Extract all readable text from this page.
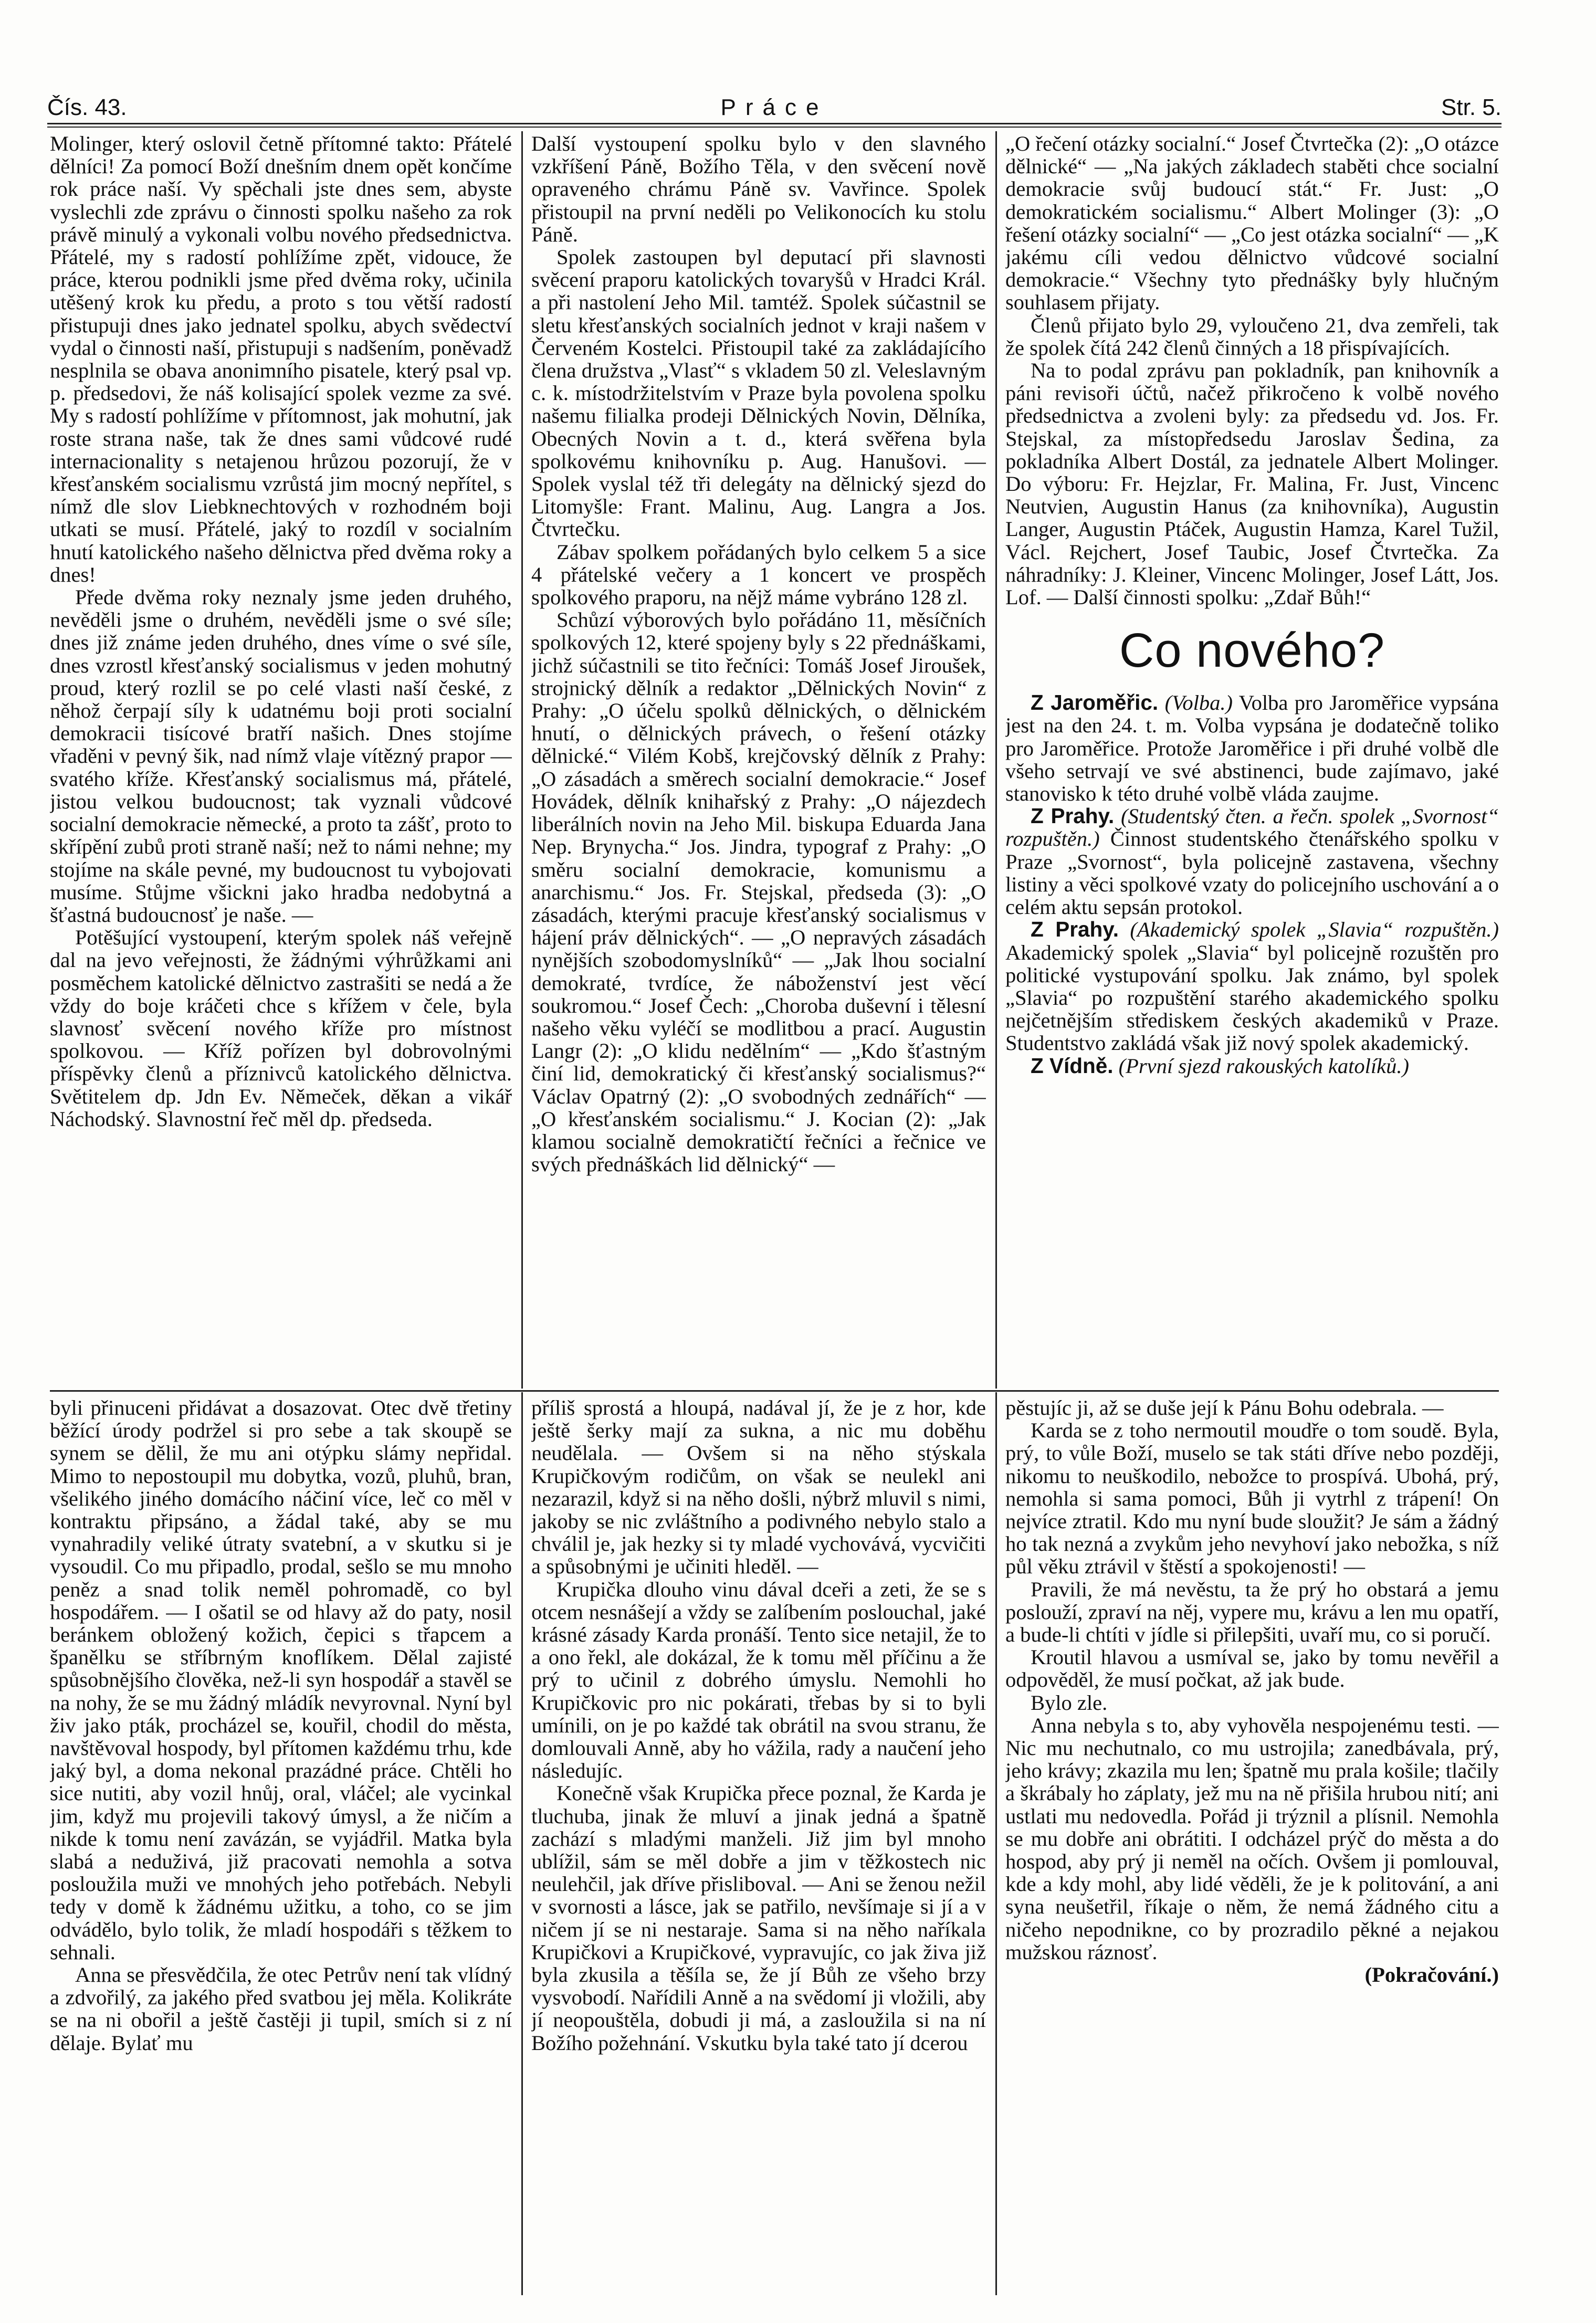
Čís. 43.	Práce	Str. 5.

Molinger, který oslovil četně přítomné takto: Přátelé dělníci! Za pomocí Boží dnešním dnem opět končíme rok práce naší. Vy spěchali jste dnes sem, abyste vyslechli zde zprávu o činnosti spolku našeho za rok právě minulý a vykonali volbu nového předsednictva. Přátelé, my s radostí pohlížíme zpět, vidouce, že práce, kterou podnikli jsme před dvěma roky, učinila utěšený krok ku předu, a proto s tou větší radostí přistupuji dnes jako jednatel spolku, abych svědectví vydal o činnosti naší, přistupuji s nadšením, poněvadž nesplnila se obava anonimního pisatele, který psal vp. p. předsedovi, že náš kolisající spolek vezme za své. My s radostí pohlížíme v přítomnost, jak mohutní, jak roste strana naše, tak že dnes sami vůdcové rudé internacionality s netajenou hrůzou pozorují, že v křesťanském socialismu vzrůstá jim mocný nepřítel, s nímž dle slov Liebknechtových v rozhodném boji utkati se musí. Přátelé, jaký to rozdíl v socialním hnutí katolického našeho dělnictva před dvěma roky a dnes!

Přede dvěma roky neznaly jsme jeden druhého, nevěděli jsme o druhém, nevěděli jsme o své síle; dnes již známe jeden druhého, dnes víme o své síle, dnes vzrostl křesťanský socialismus v jeden mohutný proud, který rozlil se po celé vlasti naší české, z něhož čerpají síly k udatnému boji proti socialní demokracii tisícové bratří našich. Dnes stojíme vřaděni v pevný šik, nad nímž vlaje vítězný prapor — svatého kříže. Křesťanský socialismus má, přátelé, jistou velkou budoucnost; tak vyznali vůdcové socialní demokracie německé, a proto ta zášť, proto to skřípění zubů proti straně naší; než to námi nehne; my stojíme na skále pevné, my budoucnost tu vybojovati musíme. Stůjme všickni jako hradba nedobytná a šťastná budoucnosť je naše. —

Potěšující vystoupení, kterým spolek náš veřejně dal na jevo veřejnosti, že žádnými výhrůžkami ani posměchem katolické dělnictvo zastrašiti se nedá a že vždy do boje kráčeti chce s křížem v čele, byla slavnosť svěcení nového kříže pro místnost spolkovou. — Kříž pořízen byl dobrovolnými příspěvky členů a příznivců katolického dělnictva. Světitelem dp. Jdn Ev. Němeček, děkan a vikář Náchodský. Slavnostní řeč měl dp. předseda.

Další vystoupení spolku bylo v den slavného vzkříšení Páně, Božího Těla, v den svěcení nově opraveného chrámu Páně sv. Vavřince. Spolek přistoupil na první neděli po Velikonocích ku stolu Páně.

Spolek zastoupen byl deputací při slavnosti svěcení praporu katolických tovaryšů v Hradci Král. a při nastolení Jeho Mil. tamtéž. Spolek súčastnil se sletu křesťanských socialních jednot v kraji našem v Červeném Kostelci. Přistoupil také za zakládajícího člena družstva „Vlasť“ s vkladem 50 zl. Veleslavným c. k. místodržitelstvím v Praze byla povolena spolku našemu filialka prodeji Dělnických Novin, Dělníka, Obecných Novin a t. d., která svěřena byla spolkovému knihovníku p. Aug. Hanušovi. — Spolek vyslal též tři delegáty na dělnický sjezd do Litomyšle: Frant. Malinu, Aug. Langra a Jos. Čtvrtečku.

Zábav spolkem pořádaných bylo celkem 5 a sice 4 přátelské večery a 1 koncert ve prospěch spolkového praporu, na nějž máme vybráno 128 zl.

Schůzí výborových bylo pořádáno 11, měsíčních spolkových 12, které spojeny byly s 22 přednáškami, jichž súčastnili se tito řečníci: Tomáš Josef Jiroušek, strojnický dělník a redaktor „Dělnických Novin“ z Prahy: „O účelu spolků dělnických, o dělnickém hnutí, o dělnických právech, o řešení otázky dělnické.“ Vilém Kobš, krejčovský dělník z Prahy: „O zásadách a směrech socialní demokracie.“ Josef Hovádek, dělník knihařský z Prahy: „O nájezdech liberálních novin na Jeho Mil. biskupa Eduarda Jana Nep. Brynycha.“ Jos. Jindra, typograf z Prahy: „O směru socialní demokracie, komunismu a anarchismu.“ Jos. Fr. Stejskal, předseda (3): „O zásadách, kterými pracuje křesťanský socialismus v hájení práv dělnických“. — „O nepravých zásadách nynějších szobodomyslníků“ — „Jak lhou socialní demokraté, tvrdíce, že náboženství jest věcí soukromou.“ Josef Čech: „Choroba duševní i tělesní našeho věku vyléčí se modlitbou a prací. Augustin Langr (2): „O klidu nedělním“ — „Kdo šťastným činí lid, demokratický či křesťanský socialismus?“ Václav Opatrný (2): „O svobodných zednářích“ — „O křesťanském socialismu.“ J. Kocian (2): „Jak klamou socialně demokratičtí řečníci a řečnice ve svých přednáškách lid dělnický“ —

„O řečení otázky socialní.“ Josef Čtvrtečka (2): „O otázce dělnické“ — „Na jakých základech staběti chce socialní demokracie svůj budoucí stát.“ Fr. Just: „O demokratickém socialismu.“ Albert Molinger (3): „O řešení otázky socialní“ — „Co jest otázka socialní“ — „K jakému cíli vedou dělnictvo vůdcové socialní demokracie.“ Všechny tyto přednášky byly hlučným souhlasem přijaty.

Členů přijato bylo 29, vyloučeno 21, dva zemřeli, tak že spolek čítá 242 členů činných a 18 přispívajících.

Na to podal zprávu pan pokladník, pan knihovník a páni revisoři účtů, načež přikročeno k volbě nového předsednictva a zvoleni byly: za předsedu vd. Jos. Fr. Stejskal, za místopředsedu Jaroslav Šedina, za pokladníka Albert Dostál, za jednatele Albert Molinger. Do výboru: Fr. Hejzlar, Fr. Malina, Fr. Just, Vincenc Neutvien, Augustin Hanus (za knihovníka), Augustin Langer, Augustin Ptáček, Augustin Hamza, Karel Tužil, Václ. Rejchert, Josef Taubic, Josef Čtvrtečka. Za náhradníky: J. Kleiner, Vincenc Molinger, Josef Látt, Jos. Lof. — Další činnosti spolku: „Zdař Bůh!“

Co nového?

Z Jaroměřic. (Volba.) Volba pro Jaroměřice vypsána jest na den 24. t. m. Volba vypsána je dodatečně toliko pro Jaroměřice. Protože Jaroměřice i při druhé volbě dle všeho setrvají ve své abstinenci, bude zajímavo, jaké stanovisko k této druhé volbě vláda zaujme.

Z Prahy. (Studentský čten. a řečn. spolek „Svornost“ rozpuštěn.) Činnost studentského čtenářského spolku v Praze „Svornost“, byla policejně zastavena, všechny listiny a věci spolkové vzaty do policejního uschování a o celém aktu sepsán protokol.

Z Prahy. (Akademický spolek „Slavia“ rozpuštěn.) Akademický spolek „Slavia“ byl policejně rozuštěn pro politické vystupování spolku. Jak známo, byl spolek „Slavia“ po rozpuštění starého akademického spolku nejčetnějším střediskem českých akademiků v Praze. Studentstvo zakládá však již nový spolek akademický.

Z Vídně. (První sjezd rakouských katolíků.)

byli přinuceni přidávat a dosazovat. Otec dvě třetiny běžící úrody podržel si pro sebe a tak skoupě se synem se dělil, že mu ani otýpku slámy nepřidal. Mimo to nepostoupil mu dobytka, vozů, pluhů, bran, všelikého jiného domácího náčiní více, leč co měl v kontraktu připsáno, a žádal také, aby se mu vynahradily veliké útraty svatební, a v skutku si je vysoudil. Co mu připadlo, prodal, sešlo se mu mnoho peněz a snad tolik neměl pohromadě, co byl hospodářem. — I ošatil se od hlavy až do paty, nosil beránkem obložený kožich, čepici s třapcem a španělku se stříbrným knoflíkem. Dělal zajisté spůsobnějšího člověka, než-li syn hospodář a stavěl se na nohy, že se mu žádný mládík nevyrovnal. Nyní byl živ jako pták, procházel se, kouřil, chodil do města, navštěvoval hospody, byl přítomen každému trhu, kde jaký byl, a doma nekonal prazádné práce. Chtěli ho sice nutiti, aby vozil hnůj, oral, vláčel; ale vycinkal jim, když mu projevili takový úmysl, a že ničím a nikde k tomu není zavázán, se vyjádřil. Matka byla slabá a neduživá, již pracovati nemohla a sotva posloužila muži ve mnohých jeho potřebách. Nebyli tedy v domě k žádnému užitku, a toho, co se jim odvádělo, bylo tolik, že mladí hospodáři s těžkem to sehnali.

Anna se přesvědčila, že otec Petrův není tak vlídný a zdvořilý, za jakého před svatbou jej měla. Kolikráte se na ni obořil a ještě častěji ji tupil, smích si z ní dělaje. Bylať mu

příliš sprostá a hloupá, nadával jí, že je z hor, kde ještě šerky mají za sukna, a nic mu doběhu neudělala. — Ovšem si na něho stýskala Krupičkovým rodičům, on však se neulekl ani nezarazil, když si na něho došli, nýbrž mluvil s nimi, jakoby se nic zvláštního a podivného nebylo stalo a chválil je, jak hezky si ty mladé vychovává, vycvičiti a spůsobnými je učiniti hleděl. —

Krupička dlouho vinu dával dceři a zeti, že se s otcem nesnášejí a vždy se zalíbením poslouchal, jaké krásné zásady Karda pronáší. Tento sice netajil, že to a ono řekl, ale dokázal, že k tomu měl příčinu a že prý to učinil z dobrého úmyslu. Nemohli ho Krupičkovic pro nic pokárati, třebas by si to byli umínili, on je po každé tak obrátil na svou stranu, že domlouvali Anně, aby ho vážila, rady a naučení jeho následujíc.

Konečně však Krupička přece poznal, že Karda je tluchuba, jinak že mluví a jinak jedná a špatně zachází s mladými manželi. Již jim byl mnoho ublížil, sám se měl dobře a jim v těžkostech nic neulehčil, jak dříve přisliboval. — Ani se ženou nežil v svornosti a lásce, jak se patřilo, nevšímaje si jí a v ničem jí se ni nestaraje. Sama si na něho naříkala Krupičkovi a Krupičkové, vypravujíc, co jak živa již byla zkusila a těšíla se, že jí Bůh ze všeho brzy vysvobodí. Nařídili Anně a na svědomí ji vložili, aby jí neopouštěla, dobudi ji má, a zasloužila si na ní Božího požehnání. Vskutku byla také tato jí dcerou

pěstujíc ji, až se duše její k Pánu Bohu odebrala. —

Karda se z toho nermoutil moudře o tom soudě. Byla, prý, to vůle Boží, muselo se tak státi dříve nebo později, nikomu to neuškodilo, nebožce to prospívá. Ubohá, prý, nemohla si sama pomoci, Bůh ji vytrhl z trápení! On nejvíce ztratil. Kdo mu nyní bude sloužit? Je sám a žádný ho tak nezná a zvykům jeho nevyhoví jako nebožka, s níž půl věku ztrávil v štěstí a spokojenosti! —

Pravili, že má nevěstu, ta že prý ho obstará a jemu poslouží, zpraví na něj, vypere mu, krávu a len mu opatří, a bude-li chtíti v jídle si přilepšiti, uvaří mu, co si poručí.

Kroutil hlavou a usmíval se, jako by tomu nevěřil a odpověděl, že musí počkat, až jak bude.

Bylo zle.

Anna nebyla s to, aby vyhověla nespojenému testi. — Nic mu nechutnalo, co mu ustrojila; zanedbávala, prý, jeho krávy; zkazila mu len; špatně mu prala košile; tlačily a škrábaly ho záplaty, jež mu na ně přišila hrubou nití; ani ustlati mu nedovedla. Pořád ji trýznil a plísnil. Nemohla se mu dobře ani obrátiti. I odcházel prýč do města a do hospod, aby prý ji neměl na očích. Ovšem ji pomlouval, kde a kdy mohl, aby lidé věděli, že je k politování, a ani syna neušetřil, říkaje o něm, že nemá žádného citu a ničeho nepodnikne, co by prozradilo pěkné a nejakou mužskou ráznosť.

(Pokračování.)
